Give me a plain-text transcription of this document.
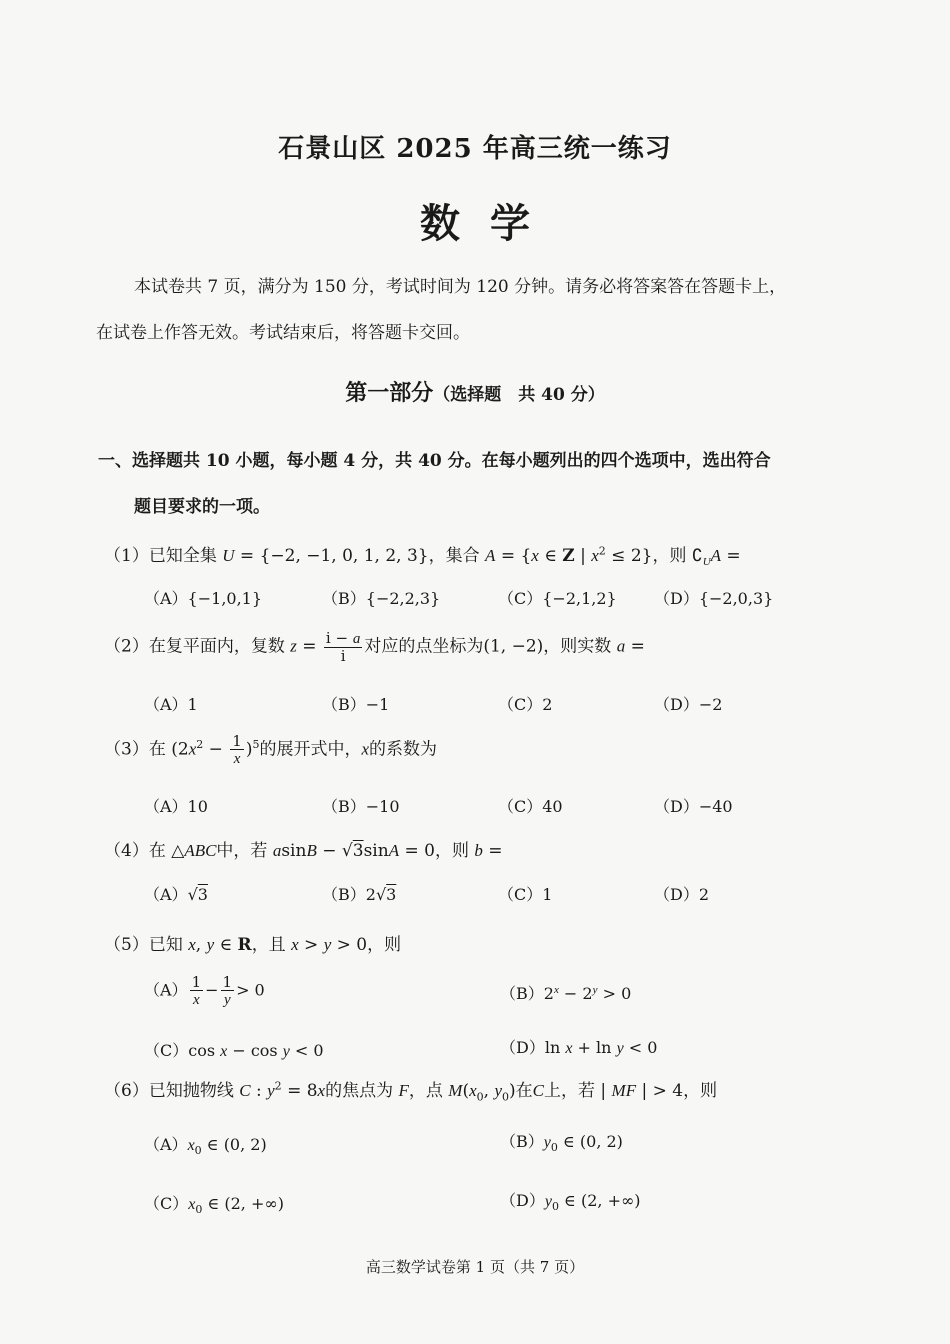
石景山区 2025 年高三统一练习
数学
本试卷共 7 页，满分为 150 分，考试时间为 120 分钟。请务必将答案答在答题卡上，
在试卷上作答无效。考试结束后，将答题卡交回。
第一部分（选择题　共 40 分）
一、选择题共 10 小题，每小题 4 分，共 40 分。在每小题列出的四个选项中，选出符合
题目要求的一项。
（1）已知全集 U = {−2, −1, 0, 1, 2, 3}，集合 A = {x ∈ Z | $x^2 \le 2$}，则 $∁_UA$ =
（A）{−1,0,1}	（B）{−2,2,3}	（C）{−2,1,2} （D）{−2,0,3}
（2）在复平面内，复数 $z = \frac{i - a}{i}$ 对应的点坐标为(1, −2)，则实数 a =
（A）1	（B）−1	（C）2	（D）−2
（3）在 $(2x^2 - \frac{1}{x} )^5$的展开式中，x的系数为
（A）10	（B）−10	（C）40	（D）−40
（4）在 △ABC中，若 asinB − √3sinA = 0，则 b =
（A）√3	（B）2√3	（C）1	（D）2
（5）已知 x, y ∈ R，且 x > y > 0，则
$(A) \frac{1}{x} - \frac{1}{y} > 0$	$(B)2^x - 2^y > 0$
（C）cos x − cos y < 0	（D）ln x + ln y < 0
（6）已知抛物线 C : $y^2 = 8x$的焦点为 F，点 $M(x_0$, $y_0$)在C上，若 | MF | > 4，则
$(A)x_0$ ∈ (0, 2)	$(B)y_0$ ∈ (0, 2)
$(C)x_0$ ∈ (2, +∞)	$(D)y_0$ ∈ (2, +∞)
高三数学试卷第 1 页（共 7 页）
